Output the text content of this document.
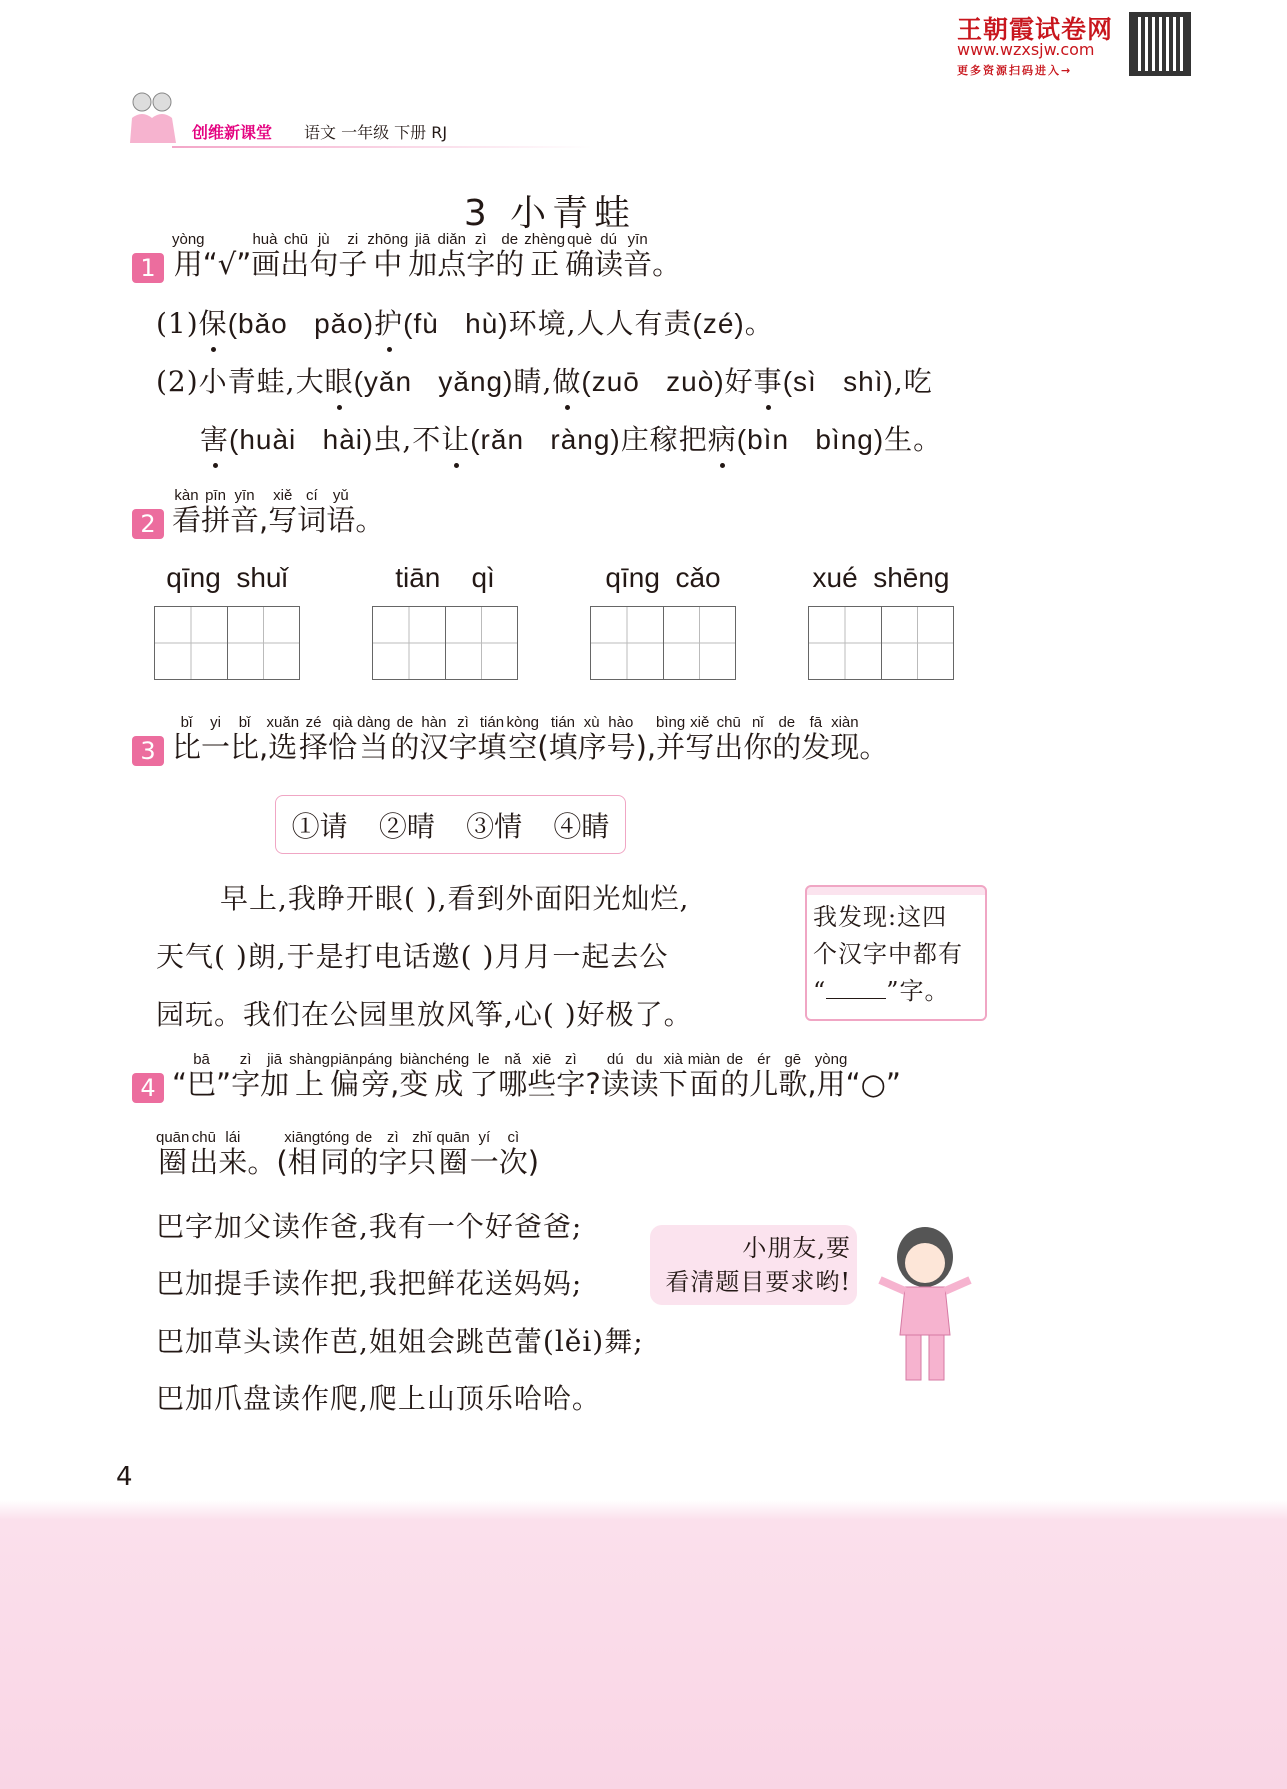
王朝霞试卷网
www.wzxsjw.com
更多资源扫码进入→
创维新课堂 语文 一年级 下册 RJ
3 小青蛙
1 用yòng“√”画出huà chū句jù子zi中zhōng加jiā点diǎn字zì的de正zhèng确què读dú音yīn。
(1)保(bǎo   pǎo)护(fù   hù)环境,人人有责(zé)。
(2)小青蛙,大眼(yǎn   yǎng)睛,做(zuō   zuò)好事(sì   shì),吃
害(huài   hài)虫,不让(rǎn   ràng)庄稼把病(bìn   bìng)生。
2 看kàn拼pīn音yīn,写xiě词cí语yǔ。
qīng  shuǐ	tiān    qì	qīng  cǎo	xué  shēng
3 比bǐ一yi比bǐ,选xuǎn择zé恰qià当dàng的de汉hàn字zì填tián空kòng(填序号tián xù hào),并bìng写xiě出chū你nǐ的de发fā现xiàn。
①请 ②晴 ③情 ④睛
早上,我睁开眼( ),看到外面阳光灿烂,
天气( )朗,于是打电话邀( )月月一起去公
园玩。我们在公园里放风筝,心( )好极了。
我发现:这四
个汉字中都有
“	”字。
4 “巴”bā字zì加jiā上shàng偏piān旁páng,变biàn成chéng了le哪nǎ些xiē字zì?读dú读du下xià面miàn的de儿ér歌gē,用yòng“○”
圈quān出chū来lái。(相xiāng同tóng的de字zì只zhǐ圈quān一yí次cì)
巴字加父读作爸,我有一个好爸爸;
巴加提手读作把,我把鲜花送妈妈;
巴加草头读作芭,姐姐会跳芭蕾(lěi)舞;
巴加爪盘读作爬,爬上山顶乐哈哈。
小朋友,要
看清题目要求哟!
4
